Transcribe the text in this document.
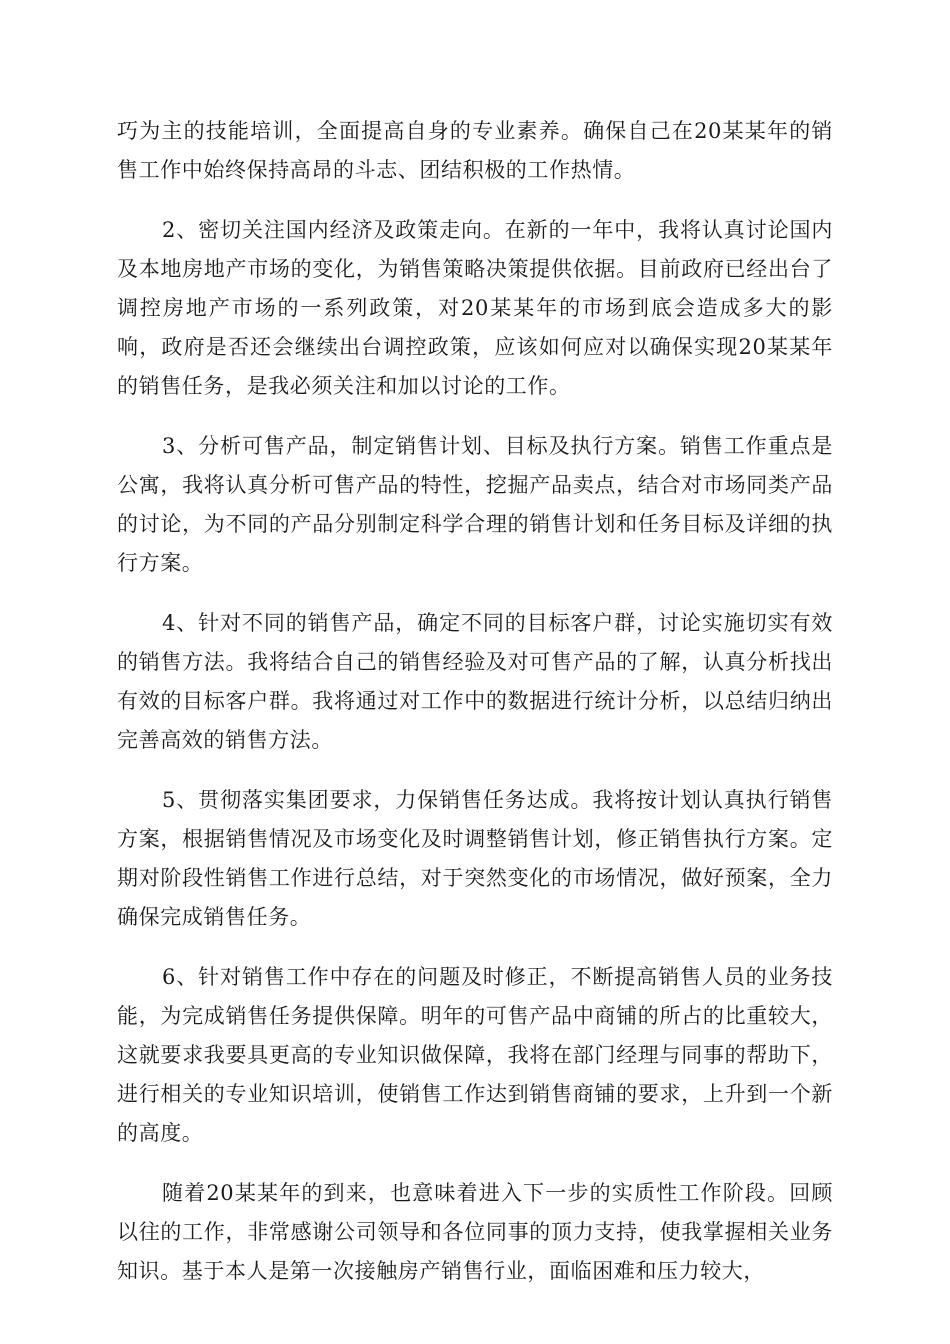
巧为主的技能培训，全面提高自身的专业素养。确保自己在20某某年的销售工作中始终保持高昂的斗志、团结积极的工作热情。

2、密切关注国内经济及政策走向。在新的一年中，我将认真讨论国内及本地房地产市场的变化，为销售策略决策提供依据。目前政府已经出台了调控房地产市场的一系列政策，对20某某年的市场到底会造成多大的影响，政府是否还会继续出台调控政策，应该如何应对以确保实现20某某年的销售任务，是我必须关注和加以讨论的工作。

3、分析可售产品，制定销售计划、目标及执行方案。销售工作重点是公寓，我将认真分析可售产品的特性，挖掘产品卖点，结合对市场同类产品的讨论，为不同的产品分别制定科学合理的销售计划和任务目标及详细的执行方案。

4、针对不同的销售产品，确定不同的目标客户群，讨论实施切实有效的销售方法。我将结合自己的销售经验及对可售产品的了解，认真分析找出有效的目标客户群。我将通过对工作中的数据进行统计分析，以总结归纳出完善高效的销售方法。

5、贯彻落实集团要求，力保销售任务达成。我将按计划认真执行销售方案，根据销售情况及市场变化及时调整销售计划，修正销售执行方案。定期对阶段性销售工作进行总结，对于突然变化的市场情况，做好预案，全力确保完成销售任务。

6、针对销售工作中存在的问题及时修正，不断提高销售人员的业务技能，为完成销售任务提供保障。明年的可售产品中商铺的所占的比重较大，这就要求我要具更高的专业知识做保障，我将在部门经理与同事的帮助下，进行相关的专业知识培训，使销售工作达到销售商铺的要求，上升到一个新的高度。

随着20某某年的到来，也意味着进入下一步的实质性工作阶段。回顾以往的工作，非常感谢公司领导和各位同事的顶力支持，使我掌握相关业务知识。基于本人是第一次接触房产销售行业，面临困难和压力较大，
